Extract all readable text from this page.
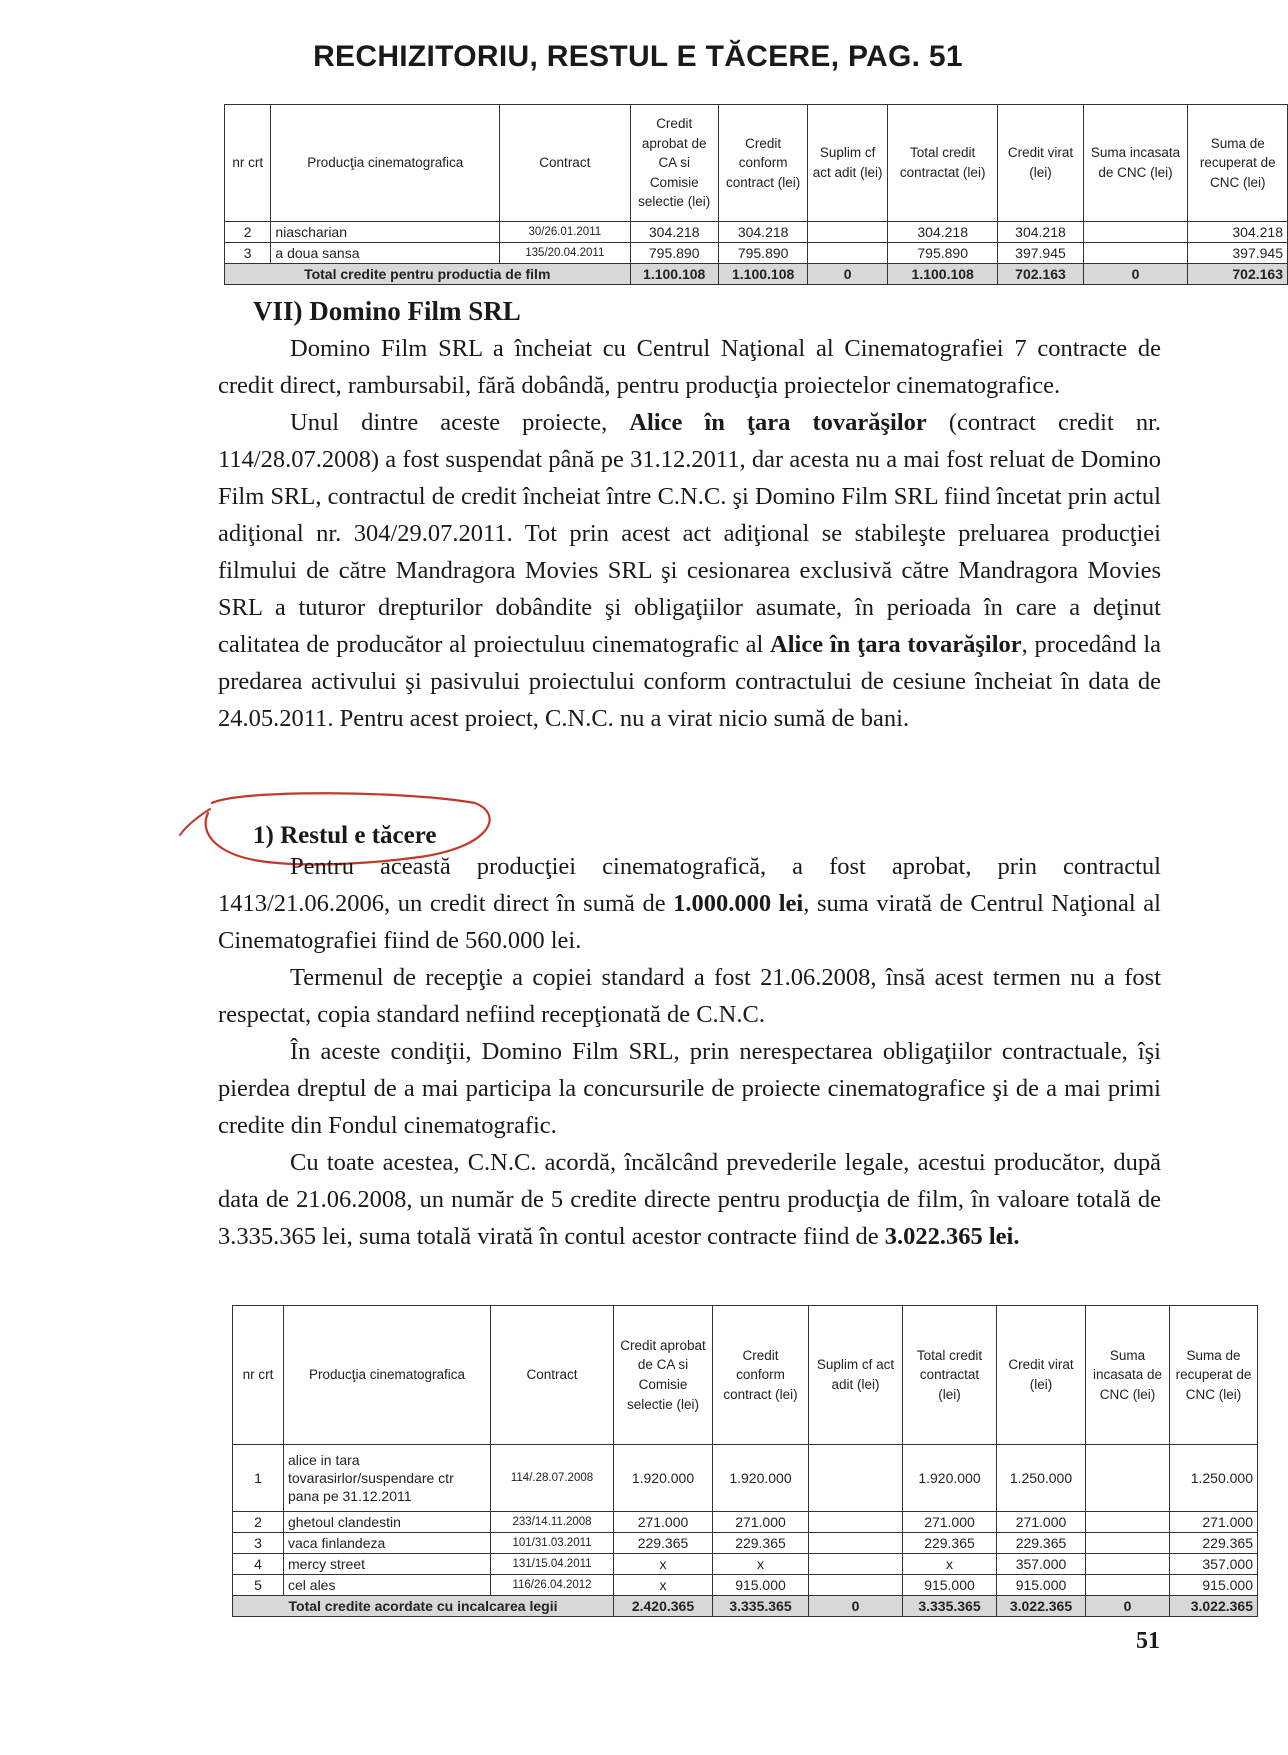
RECHIZITORIU, RESTUL E TĂCERE, PAG. 51
nr crt	Producţia cinematografica	Contract	Credit aprobat de CA si Comisie selectie (lei)	Credit conform contract (lei)	Suplim cf act adit (lei)	Total credit contractat (lei)	Credit virat (lei)	Suma incasata de CNC (lei)	Suma de recuperat de CNC (lei)
2	niascharian	30/26.01.2011	304.218	304.218		304.218	304.218		304.218
3	a doua sansa	135/20.04.2011	795.890	795.890		795.890	397.945		397.945
Total credite pentru productia de film			1.100.108	1.100.108	0	1.100.108	702.163	0	702.163
VII) Domino Film SRL

Domino Film SRL a încheiat cu Centrul Naţional al Cinematografiei 7 contracte de credit direct, rambursabil, fără dobândă, pentru producţia proiectelor cinematografice.

Unul dintre aceste proiecte, Alice în ţara tovarăşilor (contract credit nr. 114/28.07.2008) a fost suspendat până pe 31.12.2011, dar acesta nu a mai fost reluat de Domino Film SRL, contractul de credit încheiat între C.N.C. şi Domino Film SRL fiind încetat prin actul adiţional nr. 304/29.07.2011. Tot prin acest act adiţional se stabileşte preluarea producţiei filmului de către Mandragora Movies SRL şi cesionarea exclusivă către Mandragora Movies SRL a tuturor drepturilor dobândite şi obligaţiilor asumate, în perioada în care a deţinut calitatea de producător al proiectuluu cinematografic al Alice în ţara tovarăşilor, procedând la predarea activului şi pasivului proiectului conform contractului de cesiune încheiat în data de 24.05.2011. Pentru acest proiect, C.N.C. nu a virat nicio sumă de bani.

1) Restul e tăcere

Pentru această producţiei cinematografică, a fost aprobat, prin contractul 1413/21.06.2006, un credit direct în sumă de 1.000.000 lei, suma virată de Centrul Naţional al Cinematografiei fiind de 560.000 lei.

Termenul de recepţie a copiei standard a fost 21.06.2008, însă acest termen nu a fost respectat, copia standard nefiind recepţionată de C.N.C.

În aceste condiţii, Domino Film SRL, prin nerespectarea obligaţiilor contractuale, îşi pierdea dreptul de a mai participa la concursurile de proiecte cinematografice şi de a mai primi credite din Fondul cinematografic.

Cu toate acestea, C.N.C. acordă, încălcând prevederile legale, acestui producător, după data de 21.06.2008, un număr de 5 credite directe pentru producţia de film, în valoare totală de 3.335.365 lei, suma totală virată în contul acestor contracte fiind de 3.022.365 lei.

nr crt	Producţia cinematografica	Contract	Credit aprobat de CA si Comisie selectie (lei)	Credit conform contract (lei)	Suplim cf act adit (lei)	Total credit contractat (lei)	Credit virat (lei)	Suma incasata de CNC (lei)	Suma de recuperat de CNC (lei)
1	alice in tara tovarasirlor/suspendare ctr pana pe 31.12.2011	114/.28.07.2008	1.920.000	1.920.000		1.920.000	1.250.000		1.250.000
2	ghetoul clandestin	233/14.11.2008	271.000	271.000		271.000	271.000		271.000
3	vaca finlandeza	101/31.03.2011	229.365	229.365		229.365	229.365		229.365
4	mercy street	131/15.04.2011	x	x		x	357.000		357.000
5	cel ales	116/26.04.2012	x	915.000		915.000	915.000		915.000
Total credite acordate cu incalcarea legii			2.420.365	3.335.365	0	3.335.365	3.022.365	0	3.022.365
51
